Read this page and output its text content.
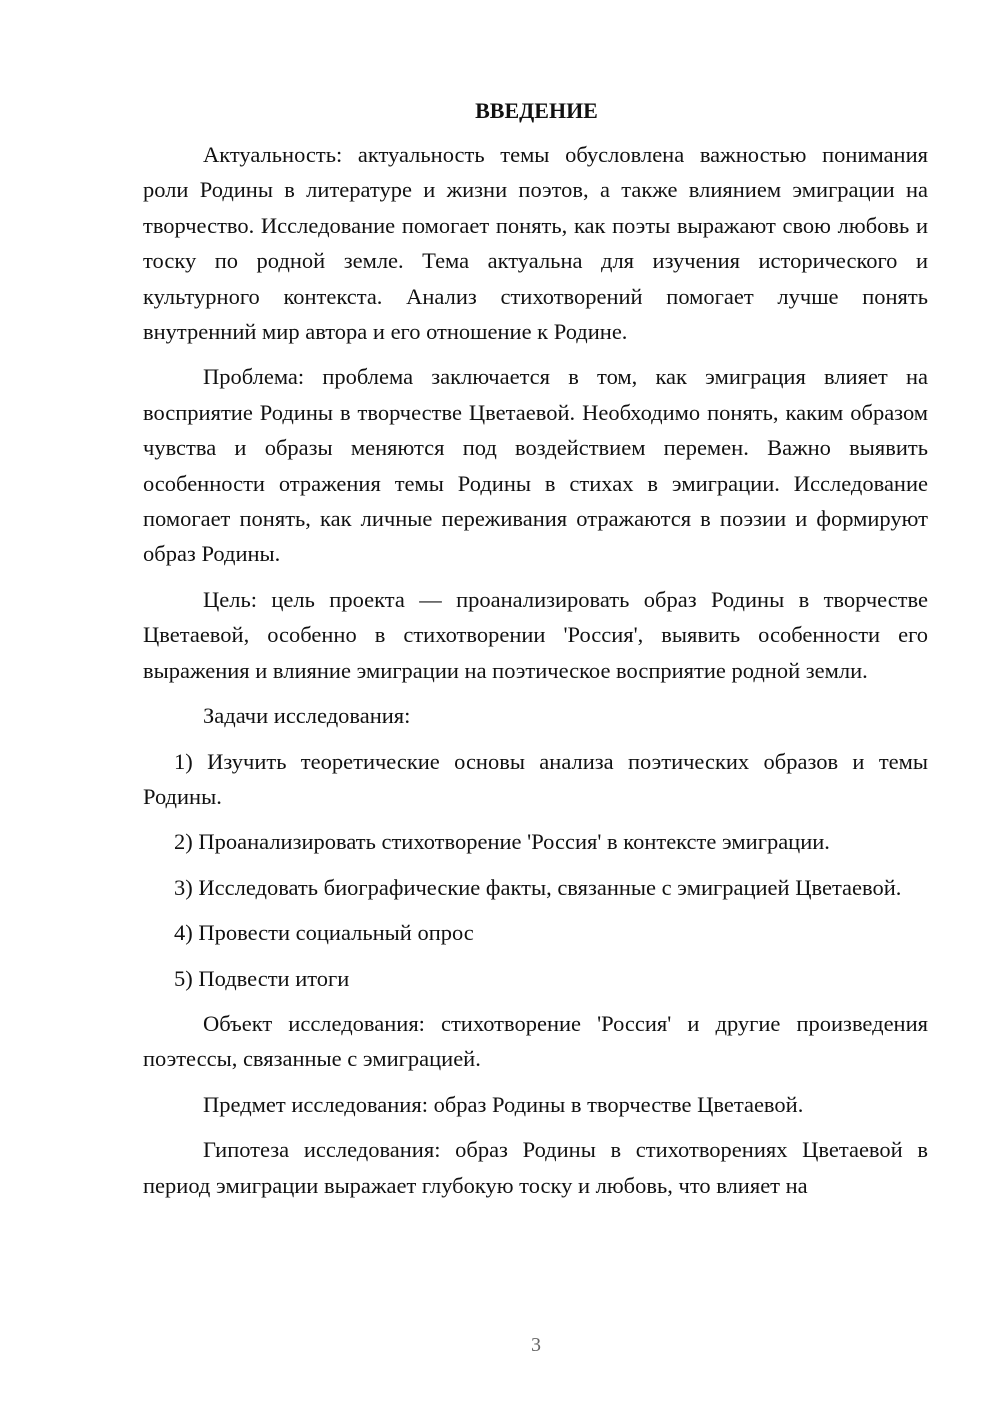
ВВЕДЕНИЕ

Актуальность: актуальность темы обусловлена важностью понимания роли Родины в литературе и жизни поэтов, а также влиянием эмиграции на творчество. Исследование помогает понять, как поэты выражают свою любовь и тоску по родной земле. Тема актуальна для изучения исторического и культурного контекста. Анализ стихотворений помогает лучше понять внутренний мир автора и его отношение к Родине.

Проблема: проблема заключается в том, как эмиграция влияет на восприятие Родины в творчестве Цветаевой. Необходимо понять, каким образом чувства и образы меняются под воздействием перемен. Важно выявить особенности отражения темы Родины в стихах в эмиграции. Исследование помогает понять, как личные переживания отражаются в поэзии и формируют образ Родины.

Цель: цель проекта — проанализировать образ Родины в творчестве Цветаевой, особенно в стихотворении 'Россия', выявить особенности его выражения и влияние эмиграции на поэтическое восприятие родной земли.

Задачи исследования:

1) Изучить теоретические основы анализа поэтических образов и темы Родины.

2) Проанализировать стихотворение 'Россия' в контексте эмиграции.

3) Исследовать биографические факты, связанные с эмиграцией Цветаевой.

4) Провести социальный опрос

5) Подвести итоги

Объект исследования: стихотворение 'Россия' и другие произведения поэтессы, связанные с эмиграцией.

Предмет исследования: образ Родины в творчестве Цветаевой.

Гипотеза исследования: образ Родины в стихотворениях Цветаевой в период эмиграции выражает глубокую тоску и любовь, что влияет на

3
